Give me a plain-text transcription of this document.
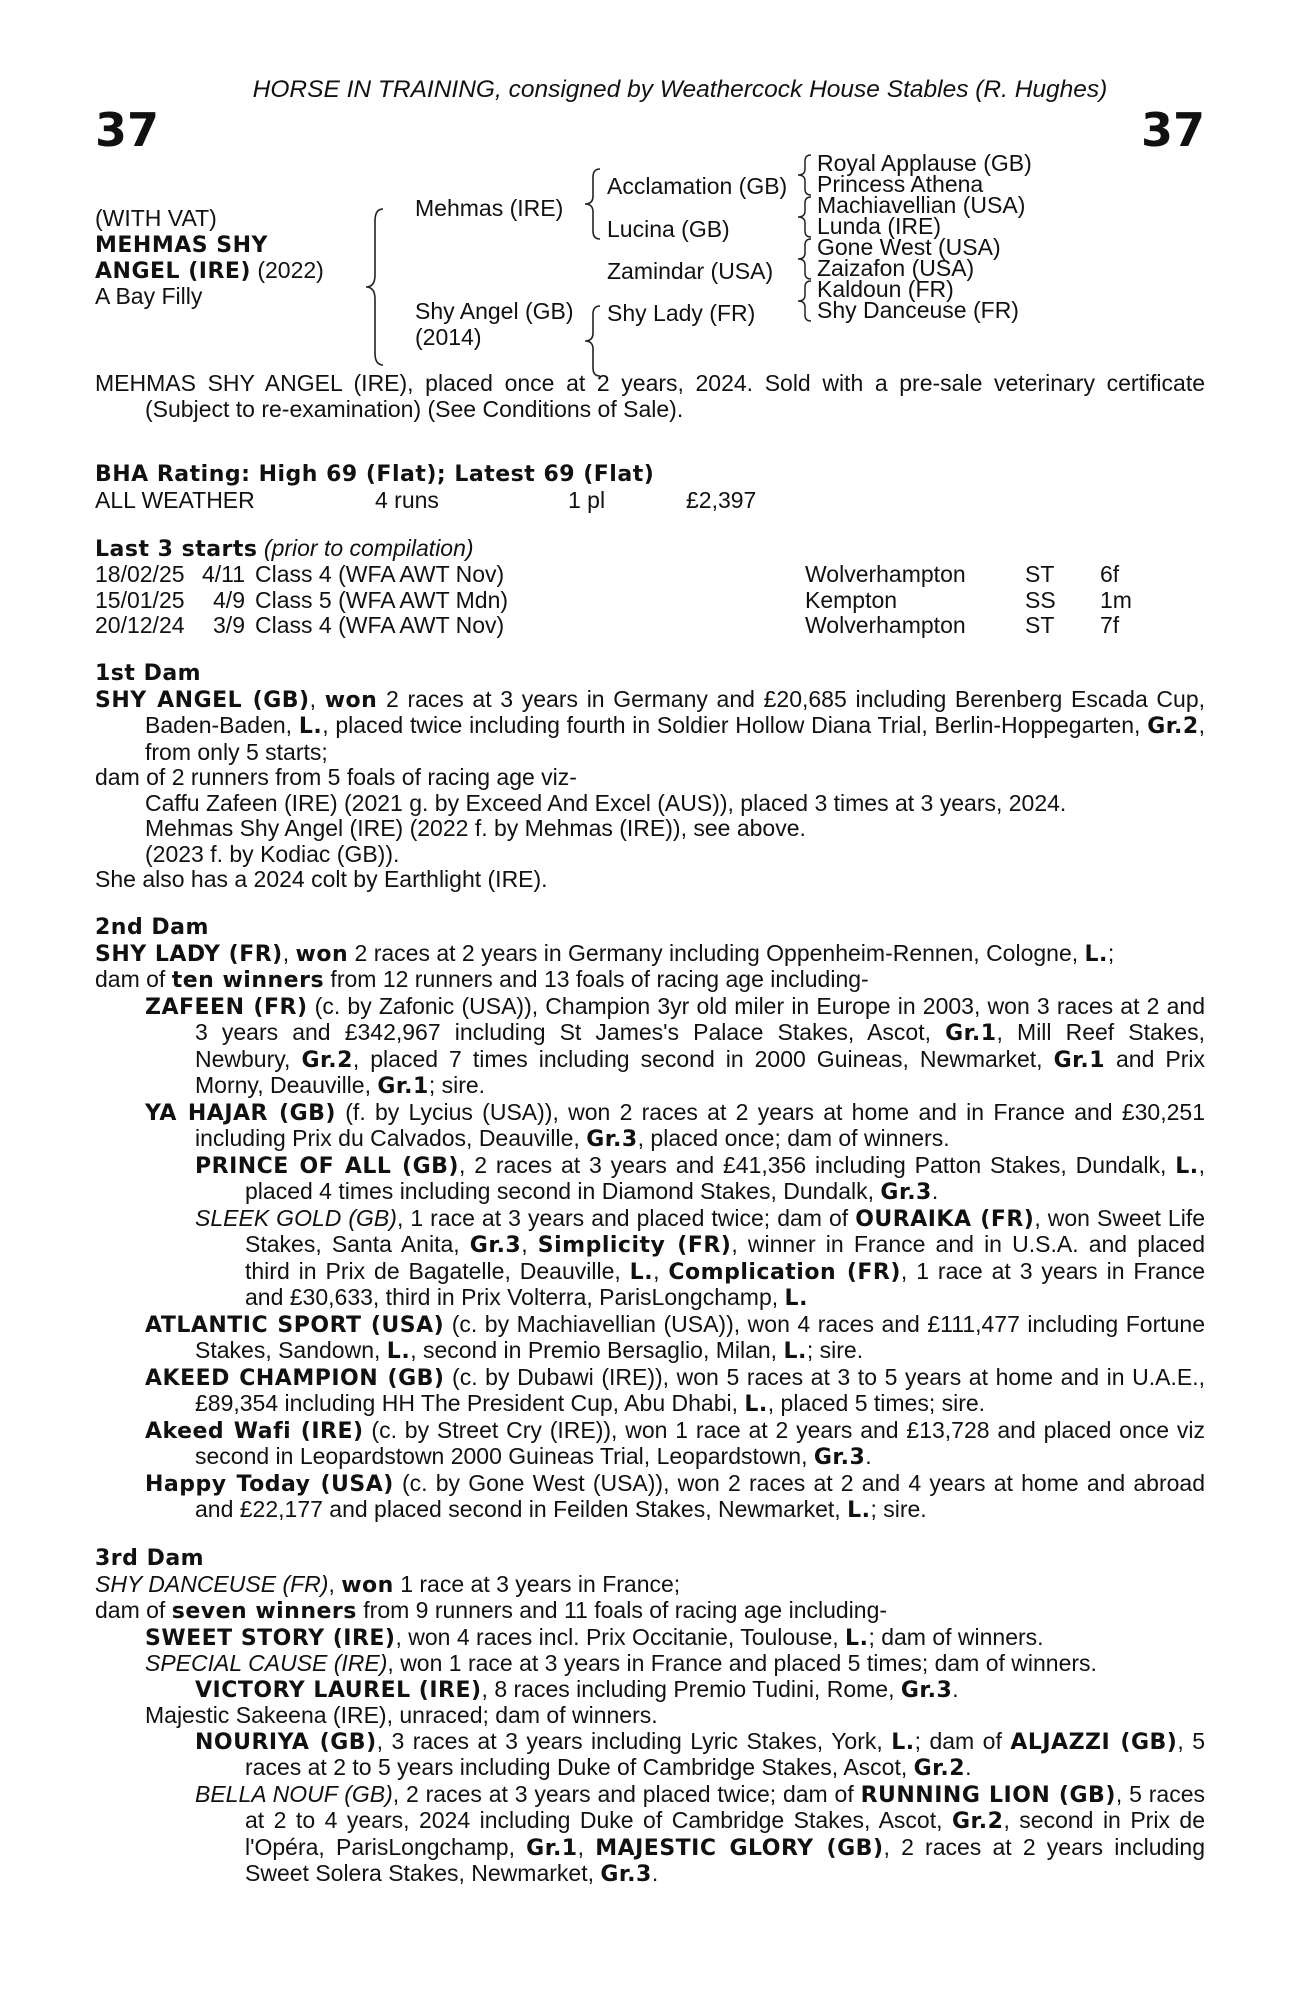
HORSE IN TRAINING, consigned by Weathercock House Stables (R. Hughes)
37	37
(WITH VAT)
MEHMAS SHY
ANGEL (IRE) (2022)
A Bay Filly
Mehmas (IRE)
Shy Angel (GB)
(2014)
Acclamation (GB)
Lucina (GB)
Zamindar (USA)
Shy Lady (FR)
Royal Applause (GB)
Princess Athena
Machiavellian (USA)
Lunda (IRE)
Gone West (USA)
Zaizafon (USA)
Kaldoun (FR)
Shy Danceuse (FR)
MEHMAS SHY ANGEL (IRE), placed once at 2 years, 2024. Sold with a pre-sale veterinary certificate (Subject to re-examination) (See Conditions of Sale).
BHA Rating: High 69 (Flat); Latest 69 (Flat)
ALL WEATHER	4 runs	1 pl	£2,397
Last 3 starts (prior to compilation)
18/02/25 4/11 Class 4 (WFA AWT Nov)	Wolverhampton	ST	6f
15/01/25	4/9 Class 5 (WFA AWT Mdn)	Kempton	SS	1m
20/12/24	3/9 Class 4 (WFA AWT Nov)	Wolverhampton	ST	7f
1st Dam
SHY ANGEL (GB), won 2 races at 3 years in Germany and £20,685 including Berenberg Escada Cup, Baden-Baden, L., placed twice including fourth in Soldier Hollow Diana Trial, Berlin-Hoppegarten, Gr.2, from only 5 starts;
dam of 2 runners from 5 foals of racing age viz-
Caffu Zafeen (IRE) (2021 g. by Exceed And Excel (AUS)), placed 3 times at 3 years, 2024.
Mehmas Shy Angel (IRE) (2022 f. by Mehmas (IRE)), see above.
(2023 f. by Kodiac (GB)).
She also has a 2024 colt by Earthlight (IRE).
2nd Dam
SHY LADY (FR), won 2 races at 2 years in Germany including Oppenheim-Rennen, Cologne, L.;
dam of ten winners from 12 runners and 13 foals of racing age including-
ZAFEEN (FR) (c. by Zafonic (USA)), Champion 3yr old miler in Europe in 2003, won 3 races at 2 and 3 years and £342,967 including St James's Palace Stakes, Ascot, Gr.1, Mill Reef Stakes, Newbury, Gr.2, placed 7 times including second in 2000 Guineas, Newmarket, Gr.1 and Prix Morny, Deauville, Gr.1; sire.
YA HAJAR (GB) (f. by Lycius (USA)), won 2 races at 2 years at home and in France and £30,251 including Prix du Calvados, Deauville, Gr.3, placed once; dam of winners.
PRINCE OF ALL (GB), 2 races at 3 years and £41,356 including Patton Stakes, Dundalk, L., placed 4 times including second in Diamond Stakes, Dundalk, Gr.3.
SLEEK GOLD (GB), 1 race at 3 years and placed twice; dam of OURAIKA (FR), won Sweet Life Stakes, Santa Anita, Gr.3, Simplicity (FR), winner in France and in U.S.A. and placed third in Prix de Bagatelle, Deauville, L., Complication (FR), 1 race at 3 years in France and £30,633, third in Prix Volterra, ParisLongchamp, L.
ATLANTIC SPORT (USA) (c. by Machiavellian (USA)), won 4 races and £111,477 including Fortune Stakes, Sandown, L., second in Premio Bersaglio, Milan, L.; sire.
AKEED CHAMPION (GB) (c. by Dubawi (IRE)), won 5 races at 3 to 5 years at home and in U.A.E., £89,354 including HH The President Cup, Abu Dhabi, L., placed 5 times; sire.
Akeed Wafi (IRE) (c. by Street Cry (IRE)), won 1 race at 2 years and £13,728 and placed once viz second in Leopardstown 2000 Guineas Trial, Leopardstown, Gr.3.
Happy Today (USA) (c. by Gone West (USA)), won 2 races at 2 and 4 years at home and abroad and £22,177 and placed second in Feilden Stakes, Newmarket, L.; sire.
3rd Dam
SHY DANCEUSE (FR), won 1 race at 3 years in France;
dam of seven winners from 9 runners and 11 foals of racing age including-
SWEET STORY (IRE), won 4 races incl. Prix Occitanie, Toulouse, L.; dam of winners.
SPECIAL CAUSE (IRE), won 1 race at 3 years in France and placed 5 times; dam of winners.
VICTORY LAUREL (IRE), 8 races including Premio Tudini, Rome, Gr.3.
Majestic Sakeena (IRE), unraced; dam of winners.
NOURIYA (GB), 3 races at 3 years including Lyric Stakes, York, L.; dam of ALJAZZI (GB), 5 races at 2 to 5 years including Duke of Cambridge Stakes, Ascot, Gr.2.
BELLA NOUF (GB), 2 races at 3 years and placed twice; dam of RUNNING LION (GB), 5 races at 2 to 4 years, 2024 including Duke of Cambridge Stakes, Ascot, Gr.2, second in Prix de l'Opéra, ParisLongchamp, Gr.1, MAJESTIC GLORY (GB), 2 races at 2 years including Sweet Solera Stakes, Newmarket, Gr.3.
